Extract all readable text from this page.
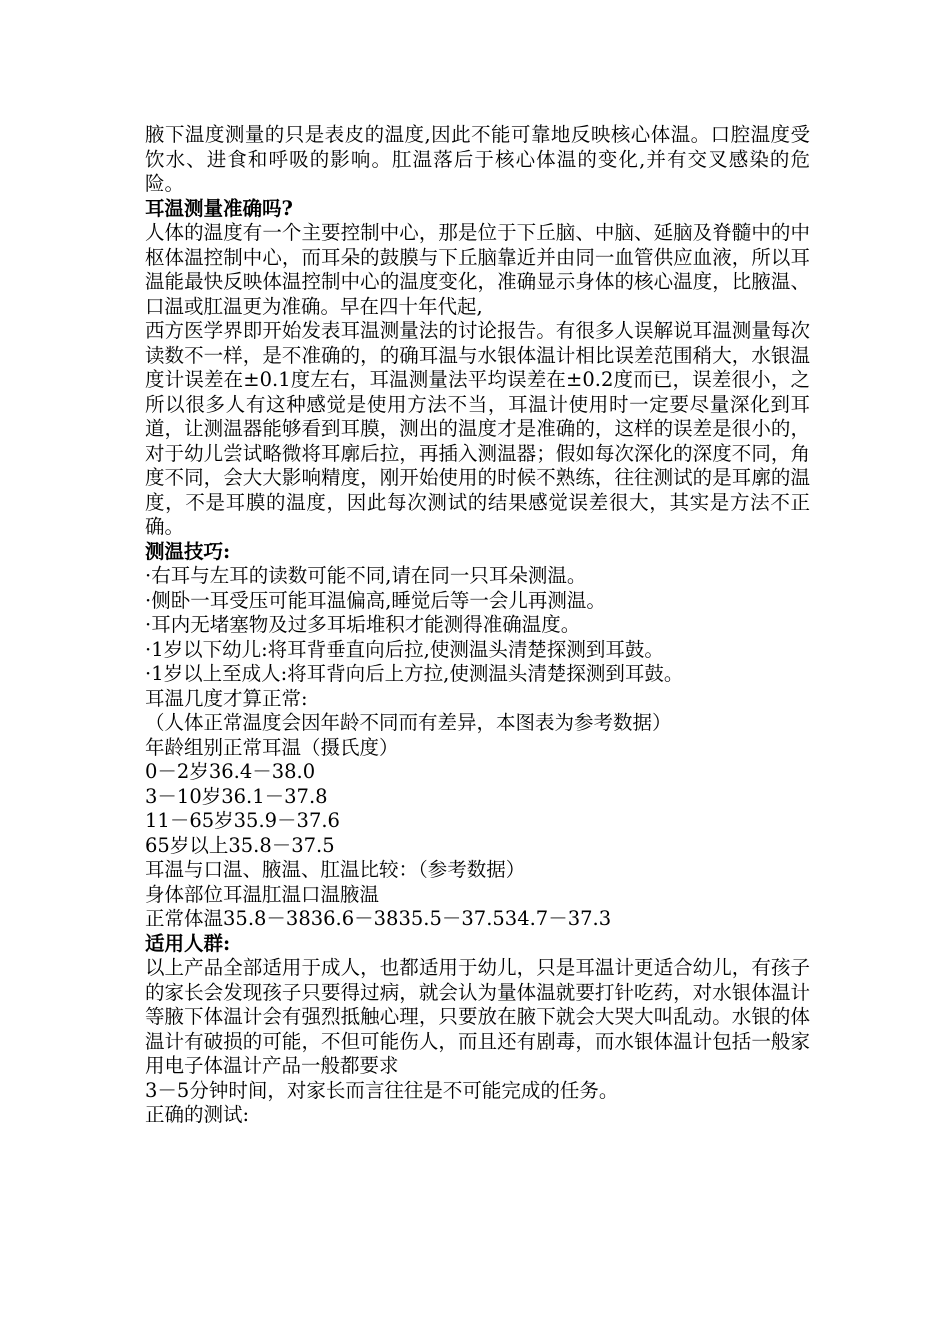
腋下温度测量的只是表皮的温度,因此不能可靠地反映核心体温。口腔温度受饮水、进食和呼吸的影响。肛温落后于核心体温的变化,并有交叉感染的危险。

耳温测量准确吗?

人体的温度有一个主要控制中心，那是位于下丘脑、中脑、延脑及脊髓中的中枢体温控制中心，而耳朵的鼓膜与下丘脑靠近并由同一血管供应血液，所以耳温能最快反映体温控制中心的温度变化，准确显示身体的核心温度，比腋温、口温或肛温更为准确。早在四十年代起,

西方医学界即开始发表耳温测量法的讨论报告。有很多人误解说耳温测量每次读数不一样，是不准确的，的确耳温与水银体温计相比误差范围稍大，水银温度计误差在±0.1度左右，耳温测量法平均误差在±0.2度而已，误差很小，之所以很多人有这种感觉是使用方法不当，耳温计使用时一定要尽量深化到耳道，让测温器能够看到耳膜，测出的温度才是准确的，这样的误差是很小的，对于幼儿尝试略微将耳廓后拉，再插入测温器；假如每次深化的深度不同，角度不同，会大大影响精度，刚开始使用的时候不熟练，往往测试的是耳廓的温度，不是耳膜的温度，因此每次测试的结果感觉误差很大，其实是方法不正确。

测温技巧:

·右耳与左耳的读数可能不同,请在同一只耳朵测温。

·侧卧一耳受压可能耳温偏高,睡觉后等一会儿再测温。

·耳内无堵塞物及过多耳垢堆积才能测得准确温度。

·1岁以下幼儿:将耳背垂直向后拉,使测温头清楚探测到耳鼓。

·1岁以上至成人:将耳背向后上方拉,使测温头清楚探测到耳鼓。

耳温几度才算正常:

（人体正常温度会因年龄不同而有差异，本图表为参考数据）

年龄组别正常耳温（摄氏度）

0－2岁36.4－38.0

3－10岁36.1－37.8

11－65岁35.9－37.6

65岁以上35.8－37.5

耳温与口温、腋温、肛温比较：（参考数据）

身体部位耳温肛温口温腋温

正常体温35.8－3836.6－3835.5－37.534.7－37.3

适用人群:

以上产品全部适用于成人，也都适用于幼儿，只是耳温计更适合幼儿，有孩子的家长会发现孩子只要得过病，就会认为量体温就要打针吃药，对水银体温计等腋下体温计会有强烈抵触心理，只要放在腋下就会大哭大叫乱动。水银的体温计有破损的可能，不但可能伤人，而且还有剧毒，而水银体温计包括一般家用电子体温计产品一般都要求

3－5分钟时间，对家长而言往往是不可能完成的任务。

正确的测试:
